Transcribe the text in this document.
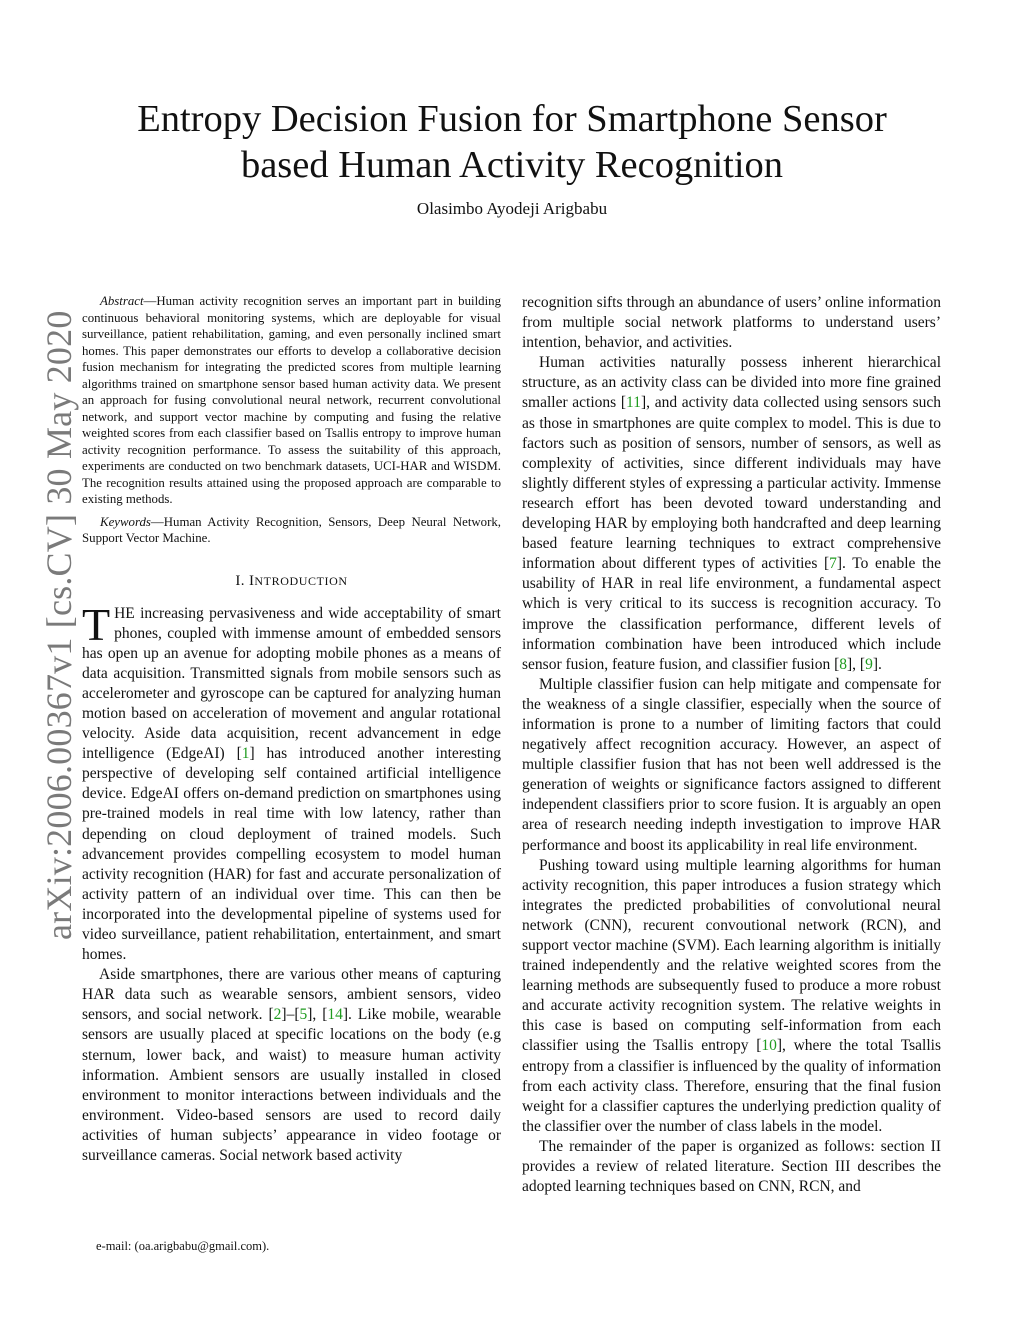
arXiv:2006.00367v1 [cs.CV] 30 May 2020
Entropy Decision Fusion for Smartphone Sensor
based Human Activity Recognition
Olasimbo Ayodeji Arigbabu

Abstract—Human activity recognition serves an important part in building continuous behavioral monitoring systems, which are deployable for visual surveillance, patient rehabilitation, gaming, and even personally inclined smart homes. This paper demonstrates our efforts to develop a collaborative decision fusion mechanism for integrating the predicted scores from multiple learning algorithms trained on smartphone sensor based human activity data. We present an approach for fusing convolutional neural network, recurrent convolutional network, and support vector machine by computing and fusing the relative weighted scores from each classifier based on Tsallis entropy to improve human activity recognition performance. To assess the suitability of this approach, experiments are conducted on two benchmark datasets, UCI-HAR and WISDM. The recognition results attained using the proposed approach are comparable to existing methods.

Keywords—Human Activity Recognition, Sensors, Deep Neural Network, Support Vector Machine.

I. INTRODUCTION

THE increasing pervasiveness and wide acceptability of smart phones, coupled with immense amount of embedded sensors has open up an avenue for adopting mobile phones as a means of data acquisition. Transmitted signals from mobile sensors such as accelerometer and gyroscope can be captured for analyzing human motion based on acceleration of movement and angular rotational velocity. Aside data acquisition, recent advancement in edge intelligence (EdgeAI) [1] has introduced another interesting perspective of developing self contained artificial intelligence device. EdgeAI offers on-demand prediction on smartphones using pre-trained models in real time with low latency, rather than depending on cloud deployment of trained models. Such advancement provides compelling ecosystem to model human activity recognition (HAR) for fast and accurate personalization of activity pattern of an individual over time. This can then be incorporated into the developmental pipeline of systems used for video surveillance, patient rehabilitation, entertainment, and smart homes.

Aside smartphones, there are various other means of capturing HAR data such as wearable sensors, ambient sensors, video sensors, and social network. [2]–[5], [14]. Like mobile, wearable sensors are usually placed at specific locations on the body (e.g sternum, lower back, and waist) to measure human activity information. Ambient sensors are usually installed in closed environment to monitor interactions between individuals and the environment. Video-based sensors are used to record daily activities of human subjects’ appearance in video footage or surveillance cameras. Social network based activity

recognition sifts through an abundance of users’ online information from multiple social network platforms to understand users’ intention, behavior, and activities.

Human activities naturally possess inherent hierarchical structure, as an activity class can be divided into more fine grained smaller actions [11], and activity data collected using sensors such as those in smartphones are quite complex to model. This is due to factors such as position of sensors, number of sensors, as well as complexity of activities, since different individuals may have slightly different styles of expressing a particular activity. Immense research effort has been devoted toward understanding and developing HAR by employing both handcrafted and deep learning based feature learning techniques to extract comprehensive information about different types of activities [7]. To enable the usability of HAR in real life environment, a fundamental aspect which is very critical to its success is recognition accuracy. To improve the classification performance, different levels of information combination have been introduced which include sensor fusion, feature fusion, and classifier fusion [8], [9].

Multiple classifier fusion can help mitigate and compensate for the weakness of a single classifier, especially when the source of information is prone to a number of limiting factors that could negatively affect recognition accuracy. However, an aspect of multiple classifier fusion that has not been well addressed is the generation of weights or significance factors assigned to different independent classifiers prior to score fusion. It is arguably an open area of research needing indepth investigation to improve HAR performance and boost its applicability in real life environment.

Pushing toward using multiple learning algorithms for human activity recognition, this paper introduces a fusion strategy which integrates the predicted probabilities of convolutional neural network (CNN), recurent convoutional network (RCN), and support vector machine (SVM). Each learning algorithm is initially trained independently and the relative weighted scores from the learning methods are subsequently fused to produce a more robust and accurate activity recognition system. The relative weights in this case is based on computing self-information from each classifier using the Tsallis entropy [10], where the total Tsallis entropy from a classifier is influenced by the quality of information from each activity class. Therefore, ensuring that the final fusion weight for a classifier captures the underlying prediction quality of the classifier over the number of class labels in the model.

The remainder of the paper is organized as follows: section II provides a review of related literature. Section III describes the adopted learning techniques based on CNN, RCN, and

e-mail: (oa.arigbabu@gmail.com).
